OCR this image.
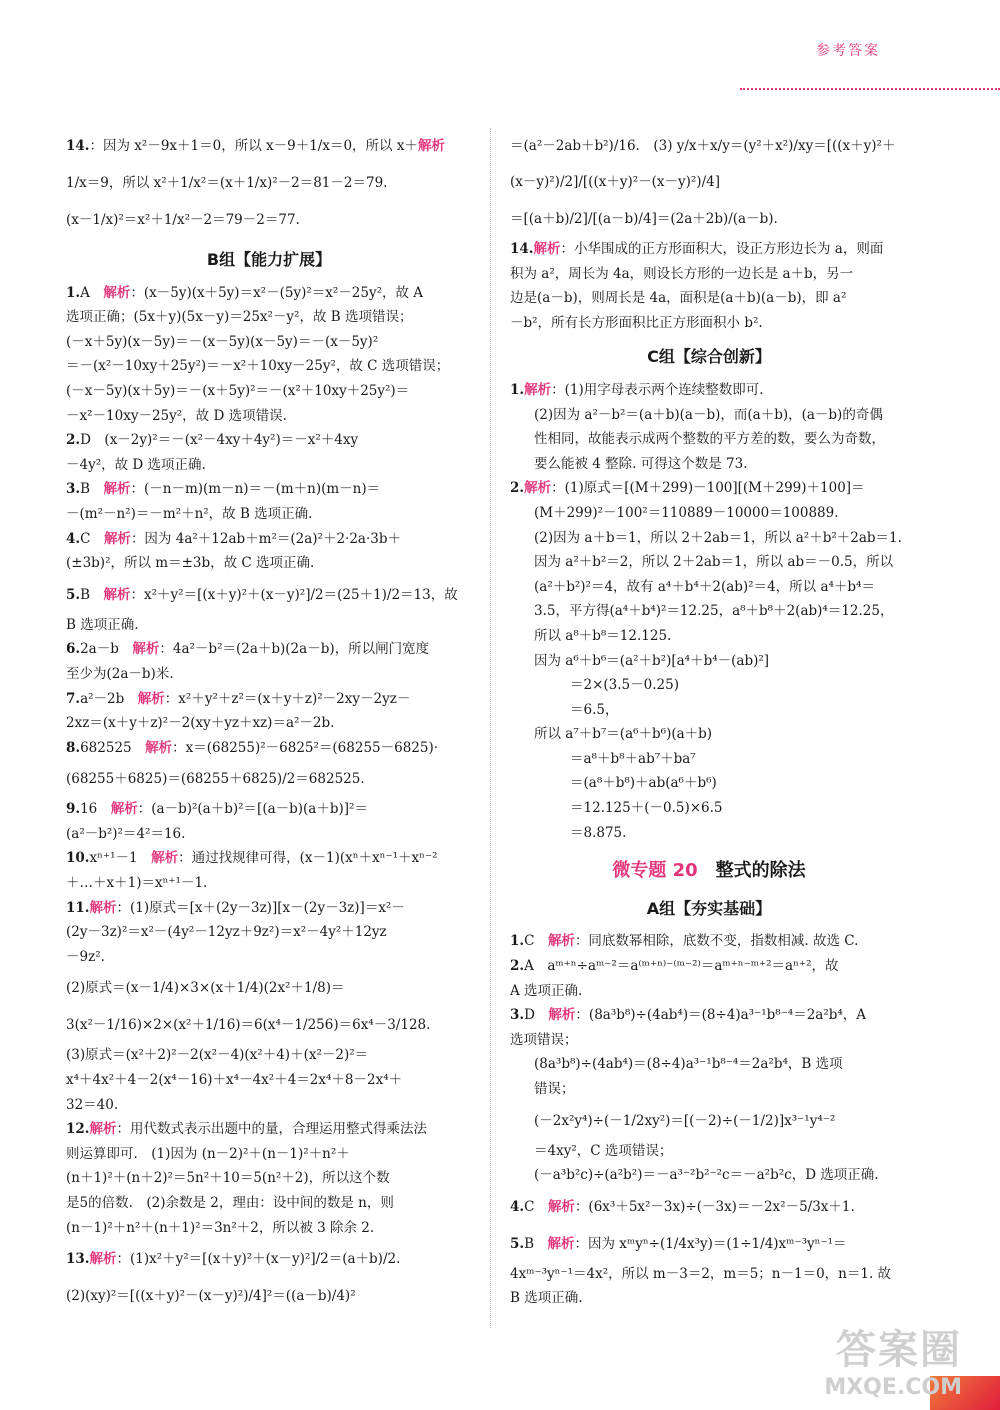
参考答案
14.：因为 x²－9x＋1＝0，所以 x－9＋1/x＝0，所以 x＋解析
1/x＝9，所以 x²＋1/x²＝(x＋1/x)²－2＝81－2＝79.
(x－1/x)²＝x²＋1/x²－2＝79－2＝77.
B组【能力扩展】
1.A　解析：(x－5y)(x＋5y)＝x²－(5y)²＝x²－25y²，故 A
选项正确；(5x＋y)(5x－y)＝25x²－y²，故 B 选项错误；
(－x＋5y)(x－5y)＝－(x－5y)(x－5y)＝－(x－5y)²
＝－(x²－10xy＋25y²)＝－x²＋10xy－25y²，故 C 选项错误；
(－x－5y)(x＋5y)＝－(x＋5y)²＝－(x²＋10xy＋25y²)＝
－x²－10xy－25y²，故 D 选项错误.
2.D　(x－2y)²＝－(x²－4xy＋4y²)＝－x²＋4xy
－4y²，故 D 选项正确.
3.B　解析：(－n－m)(m－n)＝－(m＋n)(m－n)＝
－(m²－n²)＝－m²＋n²，故 B 选项正确.
4.C　解析：因为 4a²＋12ab＋m²＝(2a)²＋2·2a·3b＋
(±3b)²，所以 m＝±3b，故 C 选项正确.
5.B　解析：x²＋y²＝[(x＋y)²＋(x－y)²]/2＝(25＋1)/2＝13，故
B 选项正确.
6.2a－b　解析：4a²－b²＝(2a＋b)(2a－b)，所以闸门宽度
至少为(2a－b)米.
7.a²－2b　解析：x²＋y²＋z²＝(x＋y＋z)²－2xy－2yz－
2xz＝(x＋y＋z)²－2(xy＋yz＋xz)＝a²－2b.
8.682525　解析：x＝(68255)²－6825²＝(68255－6825)·
(68255＋6825)＝(68255＋6825)/2＝682525.
9.16　解析：(a－b)²(a＋b)²＝[(a－b)(a＋b)]²＝
(a²－b²)²＝4²＝16.
10.xⁿ⁺¹－1　解析：通过找规律可得，(x－1)(xⁿ＋xⁿ⁻¹＋xⁿ⁻²
＋…＋x＋1)＝xⁿ⁺¹－1.
11.解析：(1)原式＝[x＋(2y－3z)][x－(2y－3z)]＝x²－
(2y－3z)²＝x²－(4y²－12yz＋9z²)＝x²－4y²＋12yz
－9z².
(2)原式＝(x－1/4)×3×(x＋1/4)(2x²＋1/8)＝
3(x²－1/16)×2×(x²＋1/16)＝6(x⁴－1/256)＝6x⁴－3/128.
(3)原式＝(x²＋2)²－2(x²－4)(x²＋4)＋(x²－2)²＝
x⁴＋4x²＋4－2(x⁴－16)＋x⁴－4x²＋4＝2x⁴＋8－2x⁴＋
32＝40.
12.解析：用代数式表示出题中的量，合理运用整式得乘法法
则运算即可.　(1)因为 (n－2)²＋(n－1)²＋n²＋
(n＋1)²＋(n＋2)²＝5n²＋10＝5(n²＋2)，所以这个数
是5的倍数.　(2)余数是 2，理由：设中间的数是 n，则
(n－1)²＋n²＋(n＋1)²＝3n²＋2，所以被 3 除余 2.
13.解析：(1)x²＋y²＝[(x＋y)²＋(x－y)²]/2＝(a＋b)/2.
(2)(xy)²＝[((x＋y)²－(x－y)²)/4]²＝((a－b)/4)²
＝(a²－2ab＋b²)/16.　(3) y/x＋x/y＝(y²＋x²)/xy＝[((x＋y)²＋(x－y)²)/2]/[((x＋y)²－(x－y)²)/4]
＝[(a＋b)/2]/[(a－b)/4]＝(2a＋2b)/(a－b).
14.解析：小华围成的正方形面积大，设正方形边长为 a，则面
积为 a²，周长为 4a，则设长方形的一边长是 a＋b，另一
边是(a－b)，则周长是 4a，面积是(a＋b)(a－b)，即 a²
－b²，所有长方形面积比正方形面积小 b².
C组【综合创新】
1.解析：(1)用字母表示两个连续整数即可.
(2)因为 a²－b²＝(a＋b)(a－b)，而(a＋b)，(a－b)的奇偶
性相同，故能表示成两个整数的平方差的数，要么为奇数，
要么能被 4 整除. 可得这个数是 73.
2.解析：(1)原式＝[(M＋299)－100][(M＋299)＋100]＝
(M＋299)²－100²＝110889－10000＝100889.
(2)因为 a＋b＝1，所以 2＋2ab＝1，所以 a²＋b²＋2ab＝1.
因为 a²＋b²＝2，所以 2＋2ab＝1，所以 ab＝－0.5，所以
(a²＋b²)²＝4，故有 a⁴＋b⁴＋2(ab)²＝4，所以 a⁴＋b⁴＝
3.5，平方得(a⁴＋b⁴)²＝12.25，a⁸＋b⁸＋2(ab)⁴＝12.25，
所以 a⁸＋b⁸＝12.125.
因为 a⁶＋b⁶＝(a²＋b²)[a⁴＋b⁴－(ab)²]
＝2×(3.5－0.25)
＝6.5，
所以 a⁷＋b⁷＝(a⁶＋b⁶)(a＋b)
＝a⁸＋b⁸＋ab⁷＋ba⁷
＝(a⁸＋b⁸)＋ab(a⁶＋b⁶)
＝12.125＋(－0.5)×6.5
＝8.875.
微专题 20　 整式的除法
A组【夯实基础】
1.C　解析：同底数幂相除，底数不变，指数相减. 故选 C.
2.A　aᵐ⁺ⁿ÷aᵐ⁻²＝a⁽ᵐ⁺ⁿ⁾⁻⁽ᵐ⁻²⁾＝aᵐ⁺ⁿ⁻ᵐ⁺²＝aⁿ⁺²，故
A 选项正确.
3.D　解析：(8a³b⁸)÷(4ab⁴)＝(8÷4)a³⁻¹b⁸⁻⁴＝2a²b⁴，A
选项错误；
(8a³b⁸)÷(4ab⁴)＝(8÷4)a³⁻¹b⁸⁻⁴＝2a²b⁴，B 选项
错误；
(－2x²y⁴)÷(－1/2xy²)＝[(－2)÷(－1/2)]x³⁻¹y⁴⁻²
＝4xy²，C 选项错误；
(－a³b²c)÷(a²b²)＝－a³⁻²b²⁻²c＝－a²b²c，D 选项正确.
4.C　解析：(6x³＋5x²－3x)÷(－3x)＝－2x²－5/3x＋1.
5.B　解析：因为 xᵐyⁿ÷(1/4x³y)＝(1÷1/4)xᵐ⁻³yⁿ⁻¹＝
4xᵐ⁻³yⁿ⁻¹＝4x²，所以 m－3＝2，m＝5；n－1＝0，n＝1. 故
B 选项正确.
答案圈
MXQE.COM
